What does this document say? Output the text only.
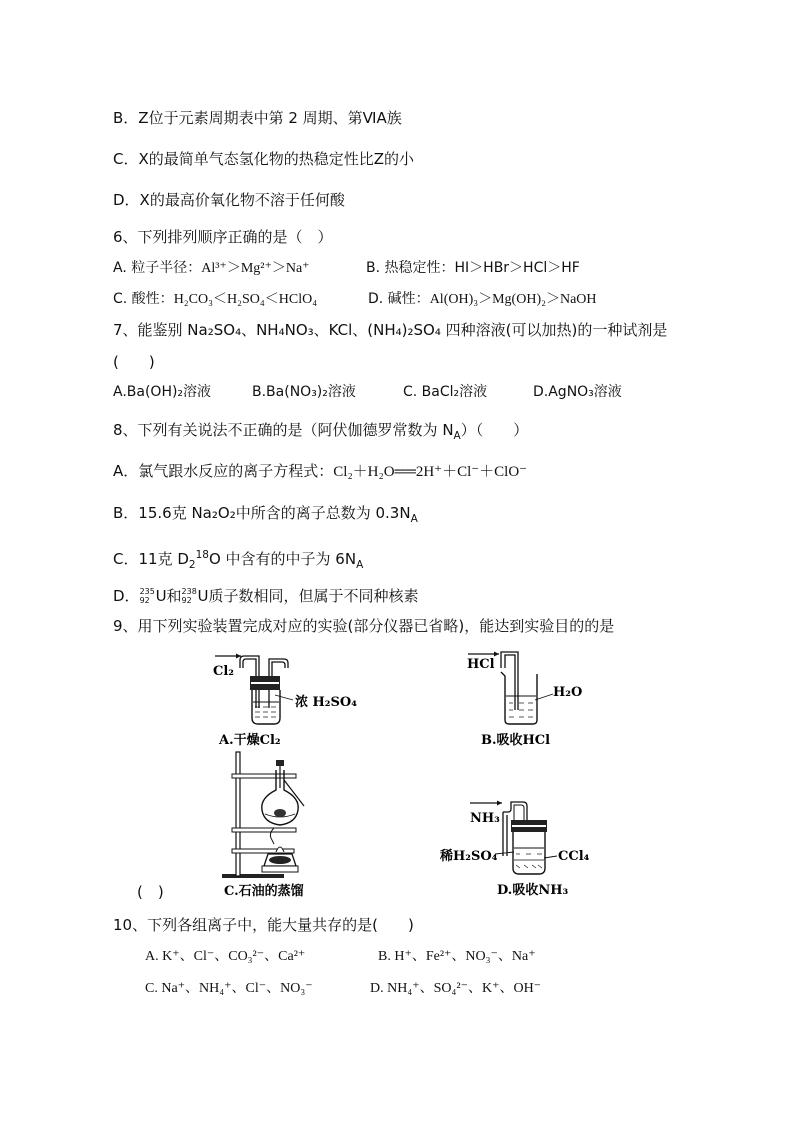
B．Z位于元素周期表中第 2 周期、第ⅥA族
C．X的最简单气态氢化物的热稳定性比Z的小
D．X的最高价氧化物不溶于任何酸
6、下列排列顺序正确的是（　）
A. 粒子半径：Al³⁺＞Mg²⁺＞Na⁺	B. 热稳定性：HI＞HBr＞HCl＞HF
C. 酸性：H₂CO₃＜H₂SO₄＜HClO₄	D. 碱性：Al(OH)₃＞Mg(OH)₂＞NaOH
7、能鉴别 Na₂SO₄、NH₄NO₃、KCl、(NH₄)₂SO₄ 四种溶液(可以加热)的一种试剂是
(　　)
A.Ba(OH)₂溶液	B.Ba(NO₃)₂溶液	C. BaCl₂溶液	D.AgNO₃溶液
8、下列有关说法不正确的是（阿伏伽德罗常数为 $N_A$）（　　）
A．氯气跟水反应的离子方程式：Cl₂＋H₂O══2H⁺＋Cl⁻＋ClO⁻
B．15.6克 Na₂O₂中所含的离子总数为 $0.3N_A$
C．11克 $D_2^{18}O$ 中含有的中子为 $6N_A$
D． 235
92 U和 238
92 U质子数相同，但属于不同种核素
9、用下列实验装置完成对应的实验(部分仪器已省略)，能达到实验目的的是
Cl₂
浓 H₂SO₄
A.干燥Cl₂
HCl
H₂O
B.吸收HCl
C.石油的蒸馏
(　)
NH₃
稀H₂SO₄	CCl₄
D.吸收NH₃
10、下列各组离子中，能大量共存的是(　　)
A. K⁺、Cl⁻、CO₃²⁻、Ca²⁺	B. H⁺、Fe²⁺、NO₃⁻、Na⁺
C. Na⁺、NH₄⁺、Cl⁻、NO₃⁻	D. NH₄⁺、SO₄²⁻、K⁺、OH⁻
